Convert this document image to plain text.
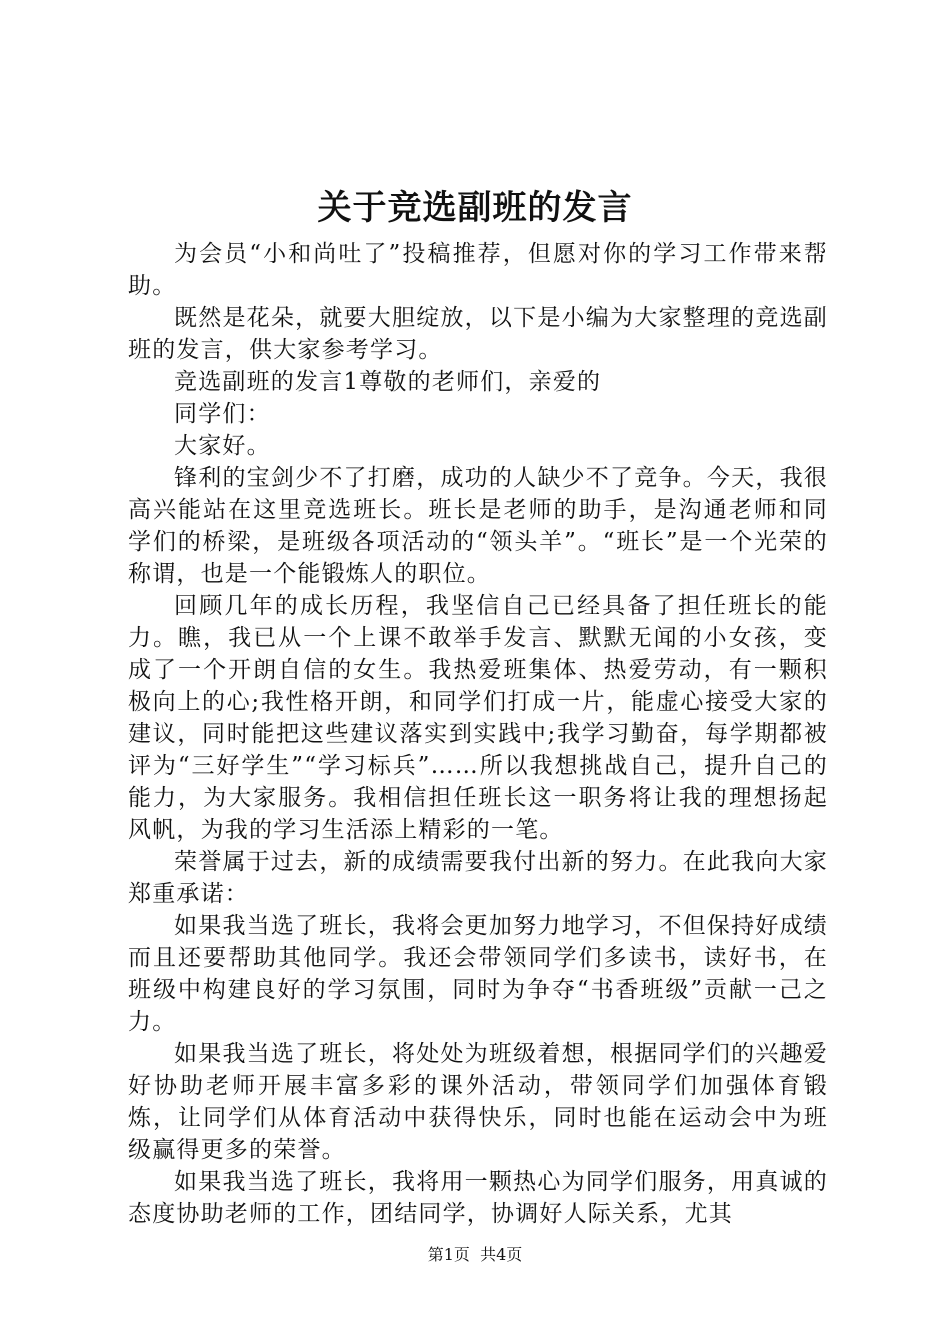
关于竞选副班的发言

为会员“小和尚吐了”投稿推荐，但愿对你的学习工作带来帮助。

既然是花朵，就要大胆绽放，以下是小编为大家整理的竞选副班的发言，供大家参考学习。

竞选副班的发言1尊敬的老师们，亲爱的

同学们：

大家好。

锋利的宝剑少不了打磨，成功的人缺少不了竞争。今天，我很高兴能站在这里竞选班长。班长是老师的助手，是沟通老师和同学们的桥梁，是班级各项活动的“领头羊”。“班长”是一个光荣的称谓，也是一个能锻炼人的职位。

回顾几年的成长历程，我坚信自己已经具备了担任班长的能力。瞧，我已从一个上课不敢举手发言、默默无闻的小女孩，变成了一个开朗自信的女生。我热爱班集体、热爱劳动，有一颗积极向上的心;我性格开朗，和同学们打成一片，能虚心接受大家的建议，同时能把这些建议落实到实践中;我学习勤奋，每学期都被评为“三好学生”“学习标兵”……所以我想挑战自己，提升自己的能力，为大家服务。我相信担任班长这一职务将让我的理想扬起风帆，为我的学习生活添上精彩的一笔。

荣誉属于过去，新的成绩需要我付出新的努力。在此我向大家郑重承诺：

如果我当选了班长，我将会更加努力地学习，不但保持好成绩而且还要帮助其他同学。我还会带领同学们多读书，读好书，在班级中构建良好的学习氛围，同时为争夺“书香班级”贡献一己之力。

如果我当选了班长，将处处为班级着想，根据同学们的兴趣爱好协助老师开展丰富多彩的课外活动，带领同学们加强体育锻炼，让同学们从体育活动中获得快乐，同时也能在运动会中为班级赢得更多的荣誉。

如果我当选了班长，我将用一颗热心为同学们服务，用真诚的态度协助老师的工作，团结同学，协调好人际关系，尤其

第1页 共4页
